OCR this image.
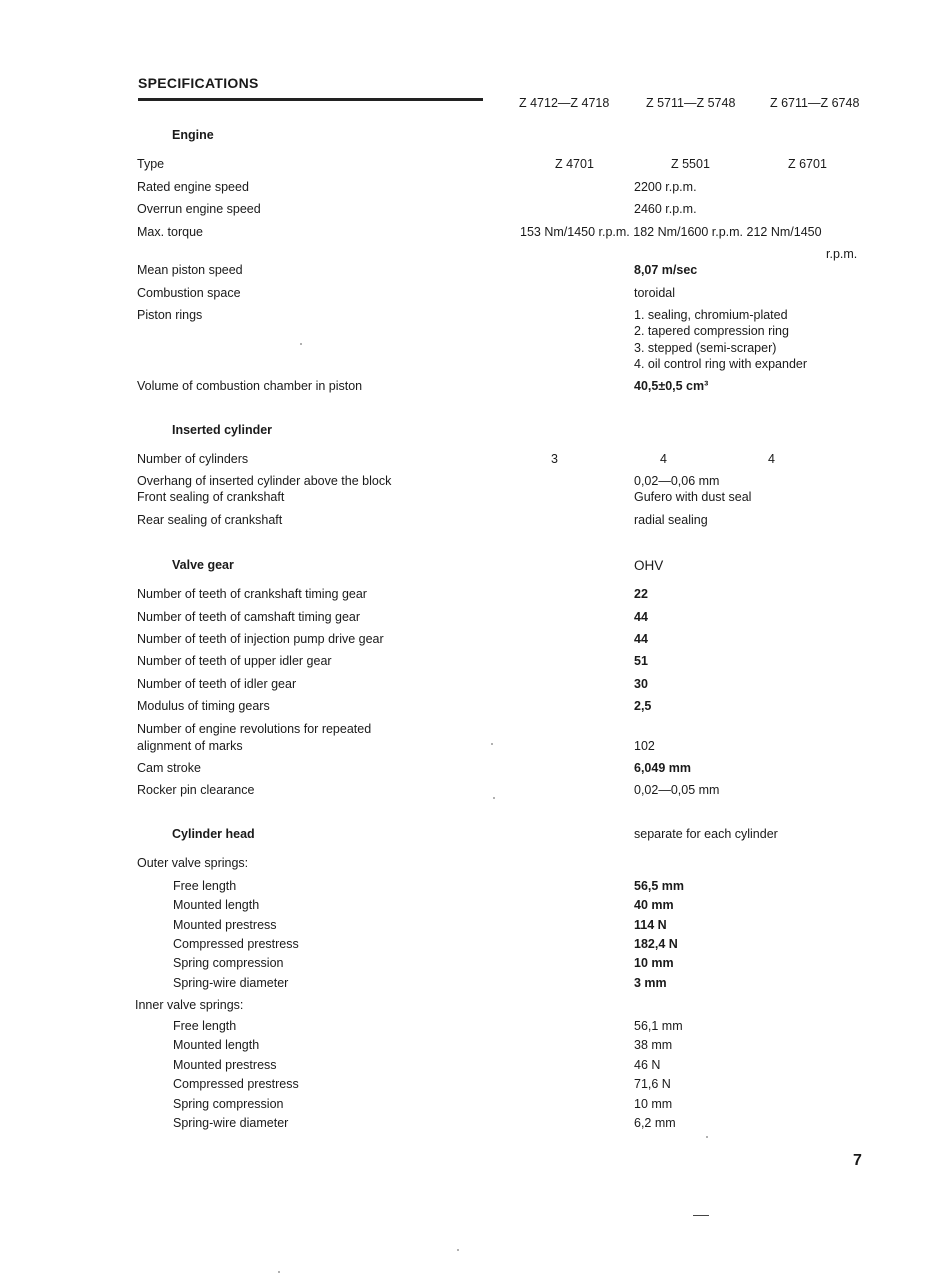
SPECIFICATIONS
Z 4712—Z 4718	Z 5711—Z 5748	Z 6711—Z 6748
Engine
Type	Z 4701	Z 5501	Z 6701
Rated engine speed	2200 r.p.m.
Overrun engine speed	2460 r.p.m.
Max. torque	153 Nm/1450 r.p.m. 182 Nm/1600 r.p.m. 212 Nm/1450
r.p.m.
Mean piston speed	8,07 m/sec
Combustion space	toroidal
Piston rings	1. sealing, chromium-plated
2. tapered compression ring
3. stepped (semi-scraper)
4. oil control ring with expander
Volume of combustion chamber in piston	40,5±0,5 cm³
Inserted cylinder
Number of cylinders	3	4	4
Overhang of inserted cylinder above the block	0,02—0,06 mm
Front sealing of crankshaft	Gufero with dust seal
Rear sealing of crankshaft	radial sealing
Valve gear	OHV
Number of teeth of crankshaft timing gear	22
Number of teeth of camshaft timing gear	44
Number of teeth of injection pump drive gear	44
Number of teeth of upper idler gear	51
Number of teeth of idler gear	30
Modulus of timing gears	2,5
Number of engine revolutions for repeated
alignment of marks	102
Cam stroke	6,049 mm
Rocker pin clearance	0,02—0,05 mm
Cylinder head	separate for each cylinder
Outer valve springs:
Free length	56,5 mm
Mounted length	40 mm
Mounted prestress	114 N
Compressed prestress	182,4 N
Spring compression	10 mm
Spring-wire diameter	3 mm
Inner valve springs:
Free length	56,1 mm
Mounted length	38 mm
Mounted prestress	46 N
Compressed prestress	71,6 N
Spring compression	10 mm
Spring-wire diameter	6,2 mm
7
